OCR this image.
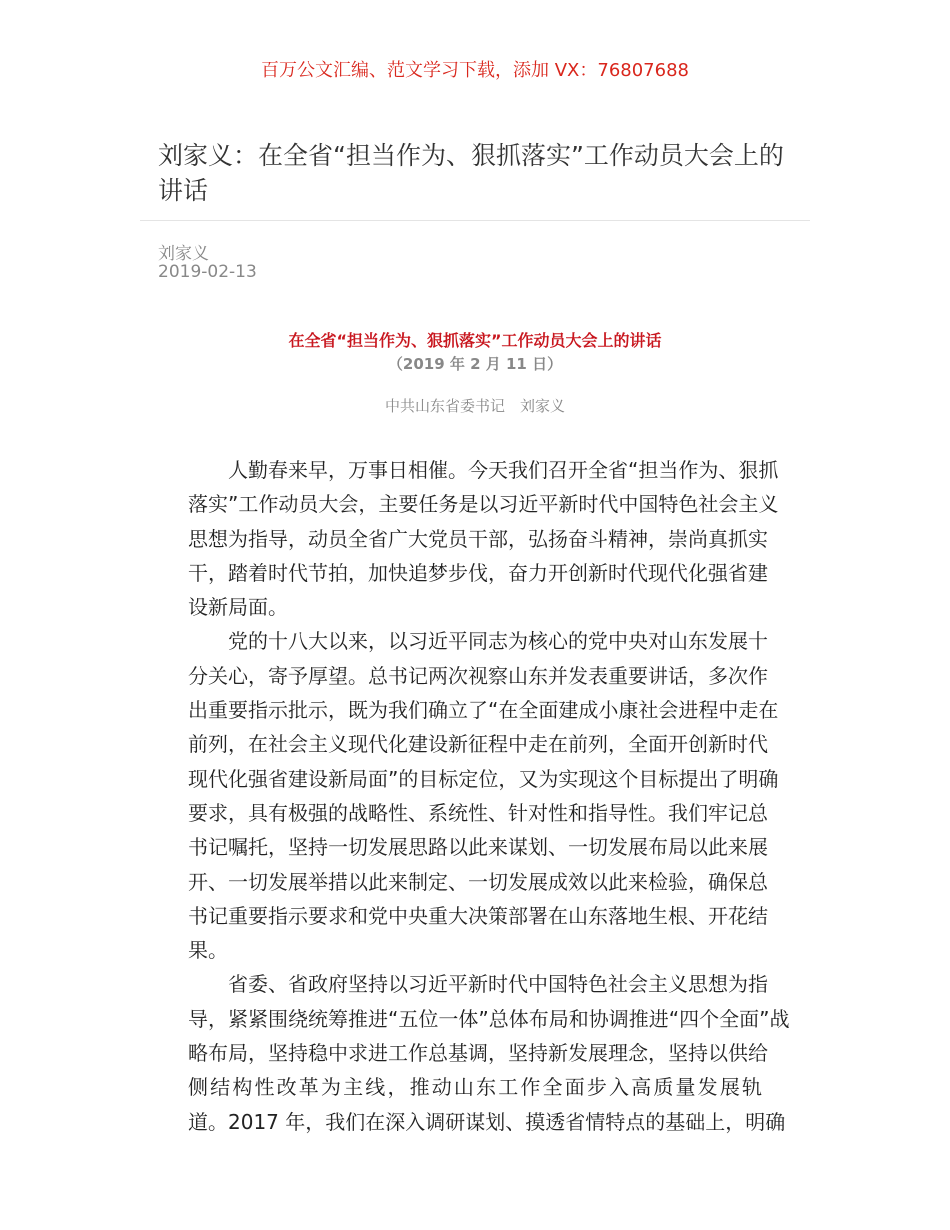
百万公文汇编、范文学习下载，添加 VX：76807688
刘家义：在全省“担当作为、狠抓落实”工作动员大会上的讲话
刘家义
2019-02-13
在全省“担当作为、狠抓落实”工作动员大会上的讲话
（2019 年 2 月 11 日）
中共山东省委书记　刘家义
人勤春来早，万事日相催。今天我们召开全省“担当作为、狠抓
落实”工作动员大会，主要任务是以习近平新时代中国特色社会主义
思想为指导，动员全省广大党员干部，弘扬奋斗精神，崇尚真抓实
干，踏着时代节拍，加快追梦步伐，奋力开创新时代现代化强省建
设新局面。
党的十八大以来，以习近平同志为核心的党中央对山东发展十
分关心，寄予厚望。总书记两次视察山东并发表重要讲话，多次作
出重要指示批示，既为我们确立了“在全面建成小康社会进程中走在
前列，在社会主义现代化建设新征程中走在前列，全面开创新时代
现代化强省建设新局面”的目标定位，又为实现这个目标提出了明确
要求，具有极强的战略性、系统性、针对性和指导性。我们牢记总
书记嘱托，坚持一切发展思路以此来谋划、一切发展布局以此来展
开、一切发展举措以此来制定、一切发展成效以此来检验，确保总
书记重要指示要求和党中央重大决策部署在山东落地生根、开花结
果。
省委、省政府坚持以习近平新时代中国特色社会主义思想为指
导，紧紧围绕统筹推进“五位一体”总体布局和协调推进“四个全面”战
略布局，坚持稳中求进工作总基调，坚持新发展理念，坚持以供给
侧结构性改革为主线，推动山东工作全面步入高质量发展轨
道。2017 年，我们在深入调研谋划、摸透省情特点的基础上，明确
